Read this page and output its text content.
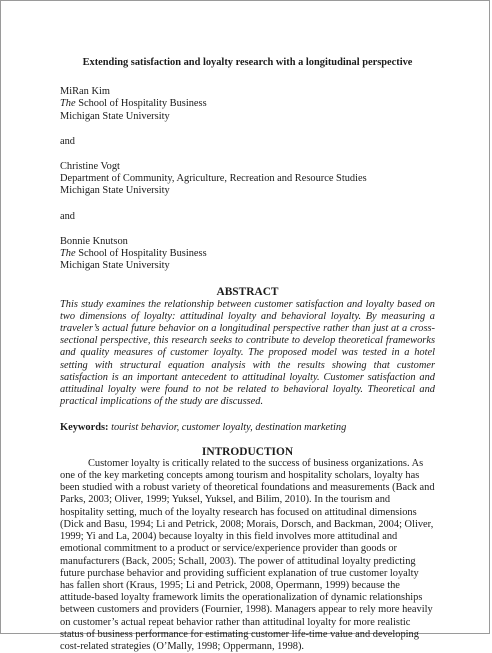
Extending satisfaction and loyalty research with a longitudinal perspective
MiRan Kim
The School of Hospitality Business
Michigan State University
and
Christine Vogt
Department of Community, Agriculture, Recreation and Resource Studies
Michigan State University
and
Bonnie Knutson
The School of Hospitality Business
Michigan State University
ABSTRACT

This study examines the relationship between customer satisfaction and loyalty based on two dimensions of loyalty: attitudinal loyalty and behavioral loyalty. By measuring a traveler’s actual future behavior on a longitudinal perspective rather than just at a cross-sectional perspective, this research seeks to contribute to develop theoretical frameworks and quality measures of customer loyalty. The proposed model was tested in a hotel setting with structural equation analysis with the results showing that customer satisfaction is an important antecedent to attitudinal loyalty. Customer satisfaction and attitudinal loyalty were found to not be related to behavioral loyalty. Theoretical and practical implications of the study are discussed.

Keywords: tourist behavior, customer loyalty, destination marketing
INTRODUCTION

Customer loyalty is critically related to the success of business organizations. As one of the key marketing concepts among tourism and hospitality scholars, loyalty has been studied with a robust variety of theoretical foundations and measurements (Back and Parks, 2003; Oliver, 1999; Yuksel, Yuksel, and Bilim, 2010). In the tourism and hospitality setting, much of the loyalty research has focused on attitudinal dimensions (Dick and Basu, 1994; Li and Petrick, 2008; Morais, Dorsch, and Backman, 2004; Oliver, 1999; Yi and La, 2004) because loyalty in this field involves more attitudinal and emotional commitment to a product or service/experience provider than goods or manufacturers (Back, 2005; Schall, 2003). The power of attitudinal loyalty predicting future purchase behavior and providing sufficient explanation of true customer loyalty has fallen short (Kraus, 1995; Li and Petrick, 2008, Opermann, 1999) because the attitude-based loyalty framework limits the operationalization of dynamic relationships between customers and providers (Fournier, 1998). Managers appear to rely more heavily on customer’s actual repeat behavior rather than attitudinal loyalty for more realistic status of business performance for estimating customer life-time value and developing cost-related strategies (O’Mally, 1998; Oppermann, 1998).
